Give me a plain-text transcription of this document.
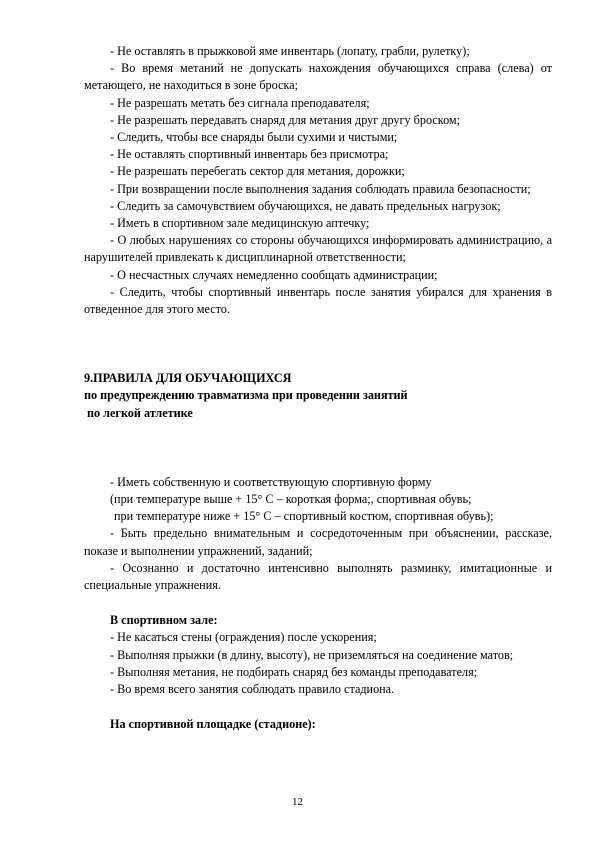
- Не оставлять в прыжковой яме инвентарь (лопату, грабли, рулетку);

- Во время метаний не допускать нахождения обучающихся справа (слева) от метающего, не находиться в зоне броска;

- Не разрешать метать без сигнала преподавателя;

- Не разрешать передавать снаряд для метания друг другу броском;

- Следить, чтобы все снаряды были сухими и чистыми;

- Не оставлять спортивный инвентарь без присмотра;

- Не разрешать перебегать сектор для метания, дорожки;

- При возвращении после выполнения задания соблюдать правила безопасности;

- Следить за самочувствием обучающихся, не давать предельных нагрузок;

- Иметь в спортивном зале медицинскую аптечку;

- О любых нарушениях со стороны обучающихся информировать администрацию, а нарушителей привлекать к дисциплинарной ответственности;

- О несчастных случаях немедленно сообщать администрации;

- Следить, чтобы спортивный инвентарь после занятия убирался для хранения в отведенное для этого место.

9.ПРАВИЛА ДЛЯ ОБУЧАЮЩИХСЯ

по предупреждению травматизма при проведении занятий

по легкой атлетике

- Иметь собственную и соответствующую спортивную форму

(при температуре выше + 15° С – короткая форма;, спортивная обувь;

при температуре ниже + 15° С – спортивный костюм, спортивная обувь);

- Быть предельно внимательным и сосредоточенным при объяснении, рассказе, показе и выполнении упражнений, заданий;

- Осознанно и достаточно интенсивно выполнять разминку, имитационные и специальные упражнения.

В спортивном зале:

- Не касаться стены (ограждения) после ускорения;

- Выполняя прыжки (в длину, высоту), не приземляться на соединение матов;

- Выполняя метания, не подбирать снаряд без команды преподавателя;

- Во время всего занятия соблюдать правило стадиона.

На спортивной площадке (стадионе):

12
